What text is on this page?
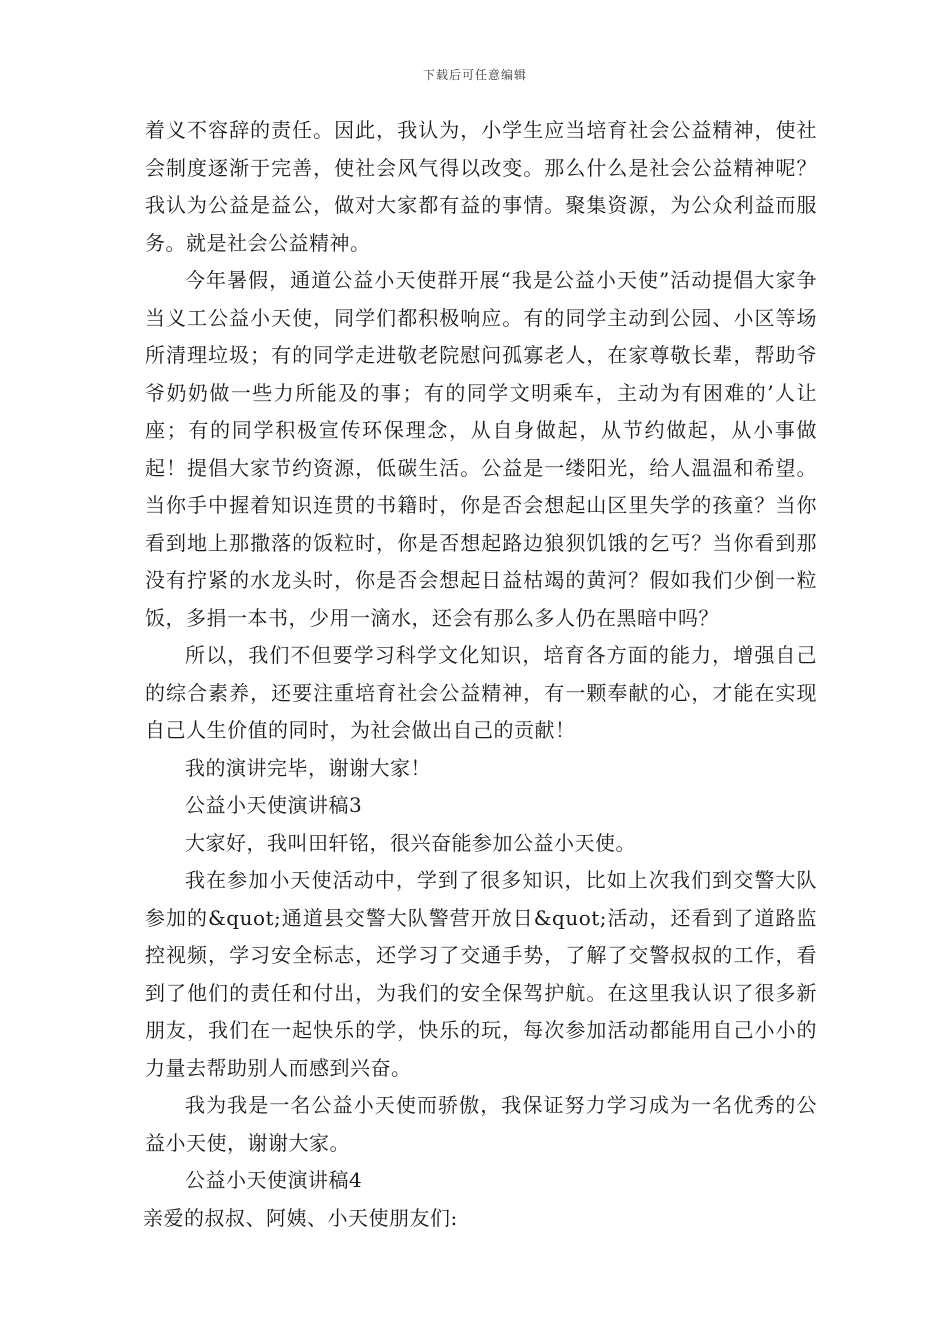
下载后可任意编辑

着义不容辞的责任。因此，我认为，小学生应当培育社会公益精神，使社会制度逐渐于完善，使社会风气得以改变。那么什么是社会公益精神呢？我认为公益是益公，做对大家都有益的事情。聚集资源，为公众利益而服务。就是社会公益精神。

今年暑假，通道公益小天使群开展“我是公益小天使”活动提倡大家争当义工公益小天使，同学们都积极响应。有的同学主动到公园、小区等场所清理垃圾；有的同学走进敬老院慰问孤寡老人，在家尊敬长辈，帮助爷爷奶奶做一些力所能及的事；有的同学文明乘车，主动为有困难的’人让座；有的同学积极宣传环保理念，从自身做起，从节约做起，从小事做起！提倡大家节约资源，低碳生活。公益是一缕阳光，给人温温和希望。当你手中握着知识连贯的书籍时，你是否会想起山区里失学的孩童？当你看到地上那撒落的饭粒时，你是否想起路边狼狈饥饿的乞丐？当你看到那没有拧紧的水龙头时，你是否会想起日益枯竭的黄河？假如我们少倒一粒饭，多捐一本书，少用一滴水，还会有那么多人仍在黑暗中吗？

所以，我们不但要学习科学文化知识，培育各方面的能力，增强自己的综合素养，还要注重培育社会公益精神，有一颗奉献的心，才能在实现自己人生价值的同时，为社会做出自己的贡献！

我的演讲完毕，谢谢大家！

公益小天使演讲稿3

大家好，我叫田轩铭，很兴奋能参加公益小天使。

我在参加小天使活动中，学到了很多知识，比如上次我们到交警大队参加的&quot;通道县交警大队警营开放日&quot;活动，还看到了道路监控视频，学习安全标志，还学习了交通手势，了解了交警叔叔的工作，看到了他们的责任和付出，为我们的安全保驾护航。在这里我认识了很多新朋友，我们在一起快乐的学，快乐的玩，每次参加活动都能用自己小小的力量去帮助别人而感到兴奋。

我为我是一名公益小天使而骄傲，我保证努力学习成为一名优秀的公益小天使，谢谢大家。

公益小天使演讲稿4

亲爱的叔叔、阿姨、小天使朋友们:
